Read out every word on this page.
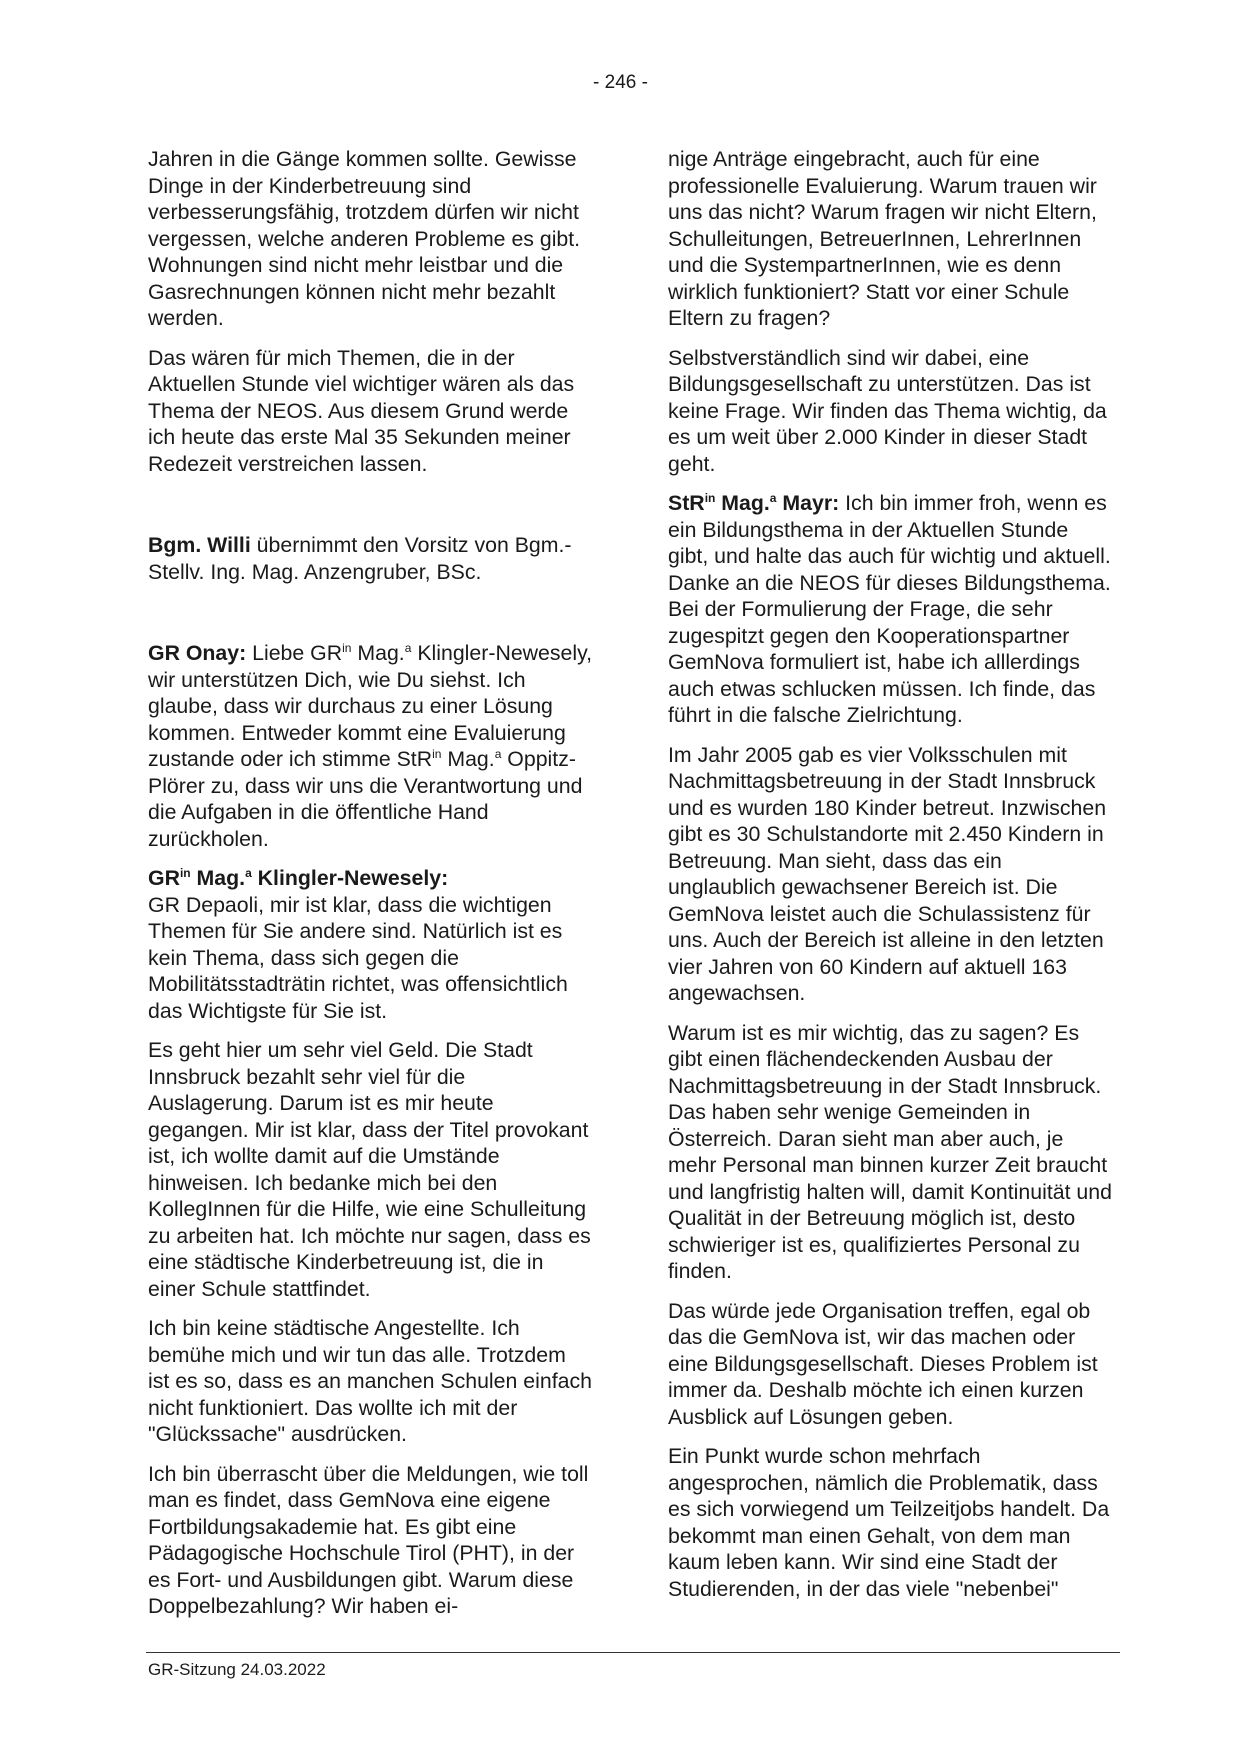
- 246 -

Jahren in die Gänge kommen sollte. Gewisse Dinge in der Kinderbetreuung sind verbesserungsfähig, trotzdem dürfen wir nicht vergessen, welche anderen Probleme es gibt. Wohnungen sind nicht mehr leistbar und die Gasrechnungen können nicht mehr bezahlt werden.

Das wären für mich Themen, die in der Aktuellen Stunde viel wichtiger wären als das Thema der NEOS. Aus diesem Grund werde ich heute das erste Mal 35 Sekunden meiner Redezeit verstreichen lassen.

Bgm. Willi übernimmt den Vorsitz von Bgm.-Stellv. Ing. Mag. Anzengruber, BSc.

GR Onay: Liebe $GR^{in}$ Mag.$^a$ Klingler-Newesely, wir unterstützen Dich, wie Du siehst. Ich glaube, dass wir durchaus zu einer Lösung kommen. Entweder kommt eine Evaluierung zustande oder ich stimme StR$^{in}$ Mag.$^a$ Oppitz-Plörer zu, dass wir uns die Verantwortung und die Aufgaben in die öffentliche Hand zurückholen.

$GR^{in}$ Mag.$^a$ Klingler-Newesely:
GR Depaoli, mir ist klar, dass die wichtigen Themen für Sie andere sind. Natürlich ist es kein Thema, dass sich gegen die Mobilitätsstadträtin richtet, was offensichtlich das Wichtigste für Sie ist.

Es geht hier um sehr viel Geld. Die Stadt Innsbruck bezahlt sehr viel für die Auslagerung. Darum ist es mir heute gegangen. Mir ist klar, dass der Titel provokant ist, ich wollte damit auf die Umstände hinweisen. Ich bedanke mich bei den KollegInnen für die Hilfe, wie eine Schulleitung zu arbeiten hat. Ich möchte nur sagen, dass es eine städtische Kinderbetreuung ist, die in einer Schule stattfindet.

Ich bin keine städtische Angestellte. Ich bemühe mich und wir tun das alle. Trotzdem ist es so, dass es an manchen Schulen einfach nicht funktioniert. Das wollte ich mit der "Glückssache" ausdrücken.

Ich bin überrascht über die Meldungen, wie toll man es findet, dass GemNova eine eigene Fortbildungsakademie hat. Es gibt eine Pädagogische Hochschule Tirol (PHT), in der es Fort- und Ausbildungen gibt. Warum diese Doppelbezahlung? Wir haben ei-

nige Anträge eingebracht, auch für eine professionelle Evaluierung. Warum trauen wir uns das nicht? Warum fragen wir nicht Eltern, Schulleitungen, BetreuerInnen, LehrerInnen und die SystempartnerInnen, wie es denn wirklich funktioniert? Statt vor einer Schule Eltern zu fragen?

Selbstverständlich sind wir dabei, eine Bildungsgesellschaft zu unterstützen. Das ist keine Frage. Wir finden das Thema wichtig, da es um weit über 2.000 Kinder in dieser Stadt geht.

StR$^{in}$ Mag.$^a$ Mayr: Ich bin immer froh, wenn es ein Bildungsthema in der Aktuellen Stunde gibt, und halte das auch für wichtig und aktuell. Danke an die NEOS für dieses Bildungsthema. Bei der Formulierung der Frage, die sehr zugespitzt gegen den Kooperationspartner GemNova formuliert ist, habe ich alllerdings auch etwas schlucken müssen. Ich finde, das führt in die falsche Zielrichtung.

Im Jahr 2005 gab es vier Volksschulen mit Nachmittagsbetreuung in der Stadt Innsbruck und es wurden 180 Kinder betreut. Inzwischen gibt es 30 Schulstandorte mit 2.450 Kindern in Betreuung. Man sieht, dass das ein unglaublich gewachsener Bereich ist. Die GemNova leistet auch die Schulassistenz für uns. Auch der Bereich ist alleine in den letzten vier Jahren von 60 Kindern auf aktuell 163 angewachsen.

Warum ist es mir wichtig, das zu sagen? Es gibt einen flächendeckenden Ausbau der Nachmittagsbetreuung in der Stadt Innsbruck. Das haben sehr wenige Gemeinden in Österreich. Daran sieht man aber auch, je mehr Personal man binnen kurzer Zeit braucht und langfristig halten will, damit Kontinuität und Qualität in der Betreuung möglich ist, desto schwieriger ist es, qualifiziertes Personal zu finden.

Das würde jede Organisation treffen, egal ob das die GemNova ist, wir das machen oder eine Bildungsgesellschaft. Dieses Problem ist immer da. Deshalb möchte ich einen kurzen Ausblick auf Lösungen geben.

Ein Punkt wurde schon mehrfach angesprochen, nämlich die Problematik, dass es sich vorwiegend um Teilzeitjobs handelt. Da bekommt man einen Gehalt, von dem man kaum leben kann. Wir sind eine Stadt der Studierenden, in der das viele "nebenbei"

GR-Sitzung 24.03.2022
